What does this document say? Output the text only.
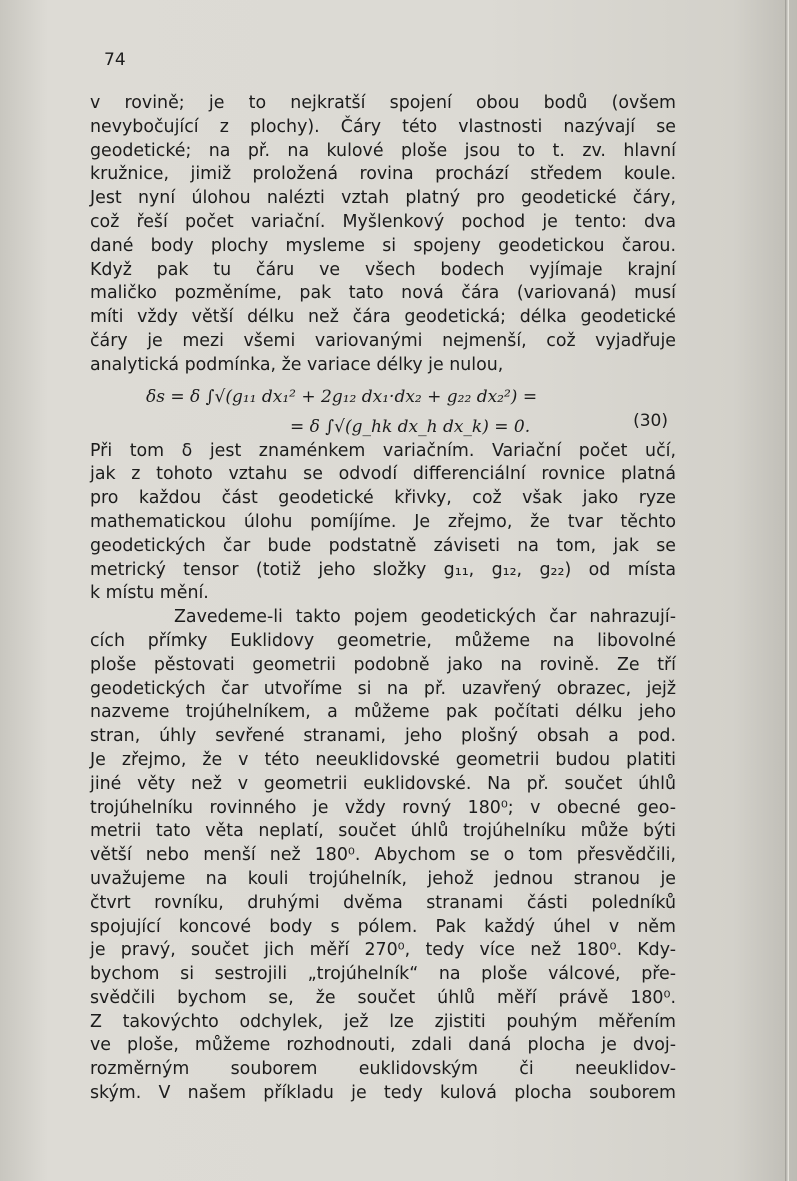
74
v rovině; je to nejkratší spojení obou bodů (ovšem
nevybočující z plochy). Čáry této vlastnosti nazývají se
geodetické; na př. na kulové ploše jsou to t. zv. hlavní
kružnice, jimiž proložená rovina prochází středem koule.
Jest nyní úlohou nalézti vztah platný pro geodetické čáry,
což řeší počet variační. Myšlenkový pochod je tento: dva
dané body plochy mysleme si spojeny geodetickou čarou.
Když pak tu čáru ve všech bodech vyjímaje krajní
maličko pozměníme, pak tato nová čára (variovaná) musí
míti vždy větší délku než čára geodetická; délka geodetické
čáry je mezi všemi variovanými nejmenší, což vyjadřuje
analytická podmínka, že variace délky je nulou,
δs = δ ∫√(g₁₁ dx₁² + 2g₁₂ dx₁·dx₂ + g₂₂ dx₂²) =
= δ ∫√(g_hk dx_h dx_k) = 0.	(30)
Při tom δ jest znaménkem variačním. Variační počet učí,
jak z tohoto vztahu se odvodí differenciální rovnice platná
pro každou část geodetické křivky, což však jako ryze
mathematickou úlohu pomíjíme. Je zřejmo, že tvar těchto
geodetických čar bude podstatně záviseti na tom, jak se
metrický tensor (totiž jeho složky g₁₁, g₁₂, g₂₂) od místa
k místu mění.
Zavedeme-li takto pojem geodetických čar nahrazují-
cích přímky Euklidovy geometrie, můžeme na libovolné
ploše pěstovati geometrii podobně jako na rovině. Ze tří
geodetických čar utvoříme si na př. uzavřený obrazec, jejž
nazveme trojúhelníkem, a můžeme pak počítati délku jeho
stran, úhly sevřené stranami, jeho plošný obsah a pod.
Je zřejmo, že v této neeuklidovské geometrii budou platiti
jiné věty než v geometrii euklidovské. Na př. součet úhlů
trojúhelníku rovinného je vždy rovný 180⁰; v obecné geo-
metrii tato věta neplatí, součet úhlů trojúhelníku může býti
větší nebo menší než 180⁰. Abychom se o tom přesvědčili,
uvažujeme na kouli trojúhelník, jehož jednou stranou je
čtvrt rovníku, druhými dvěma stranami části poledníků
spojující koncové body s pólem. Pak každý úhel v něm
je pravý, součet jich měří 270⁰, tedy více než 180⁰. Kdy-
bychom si sestrojili „trojúhelník“ na ploše válcové, pře-
svědčili bychom se, že součet úhlů měří právě 180⁰.
Z takovýchto odchylek, jež lze zjistiti pouhým měřením
ve ploše, můžeme rozhodnouti, zdali daná plocha je dvoj-
rozměrným souborem euklidovským či neeuklidov-
ským. V našem příkladu je tedy kulová plocha souborem
